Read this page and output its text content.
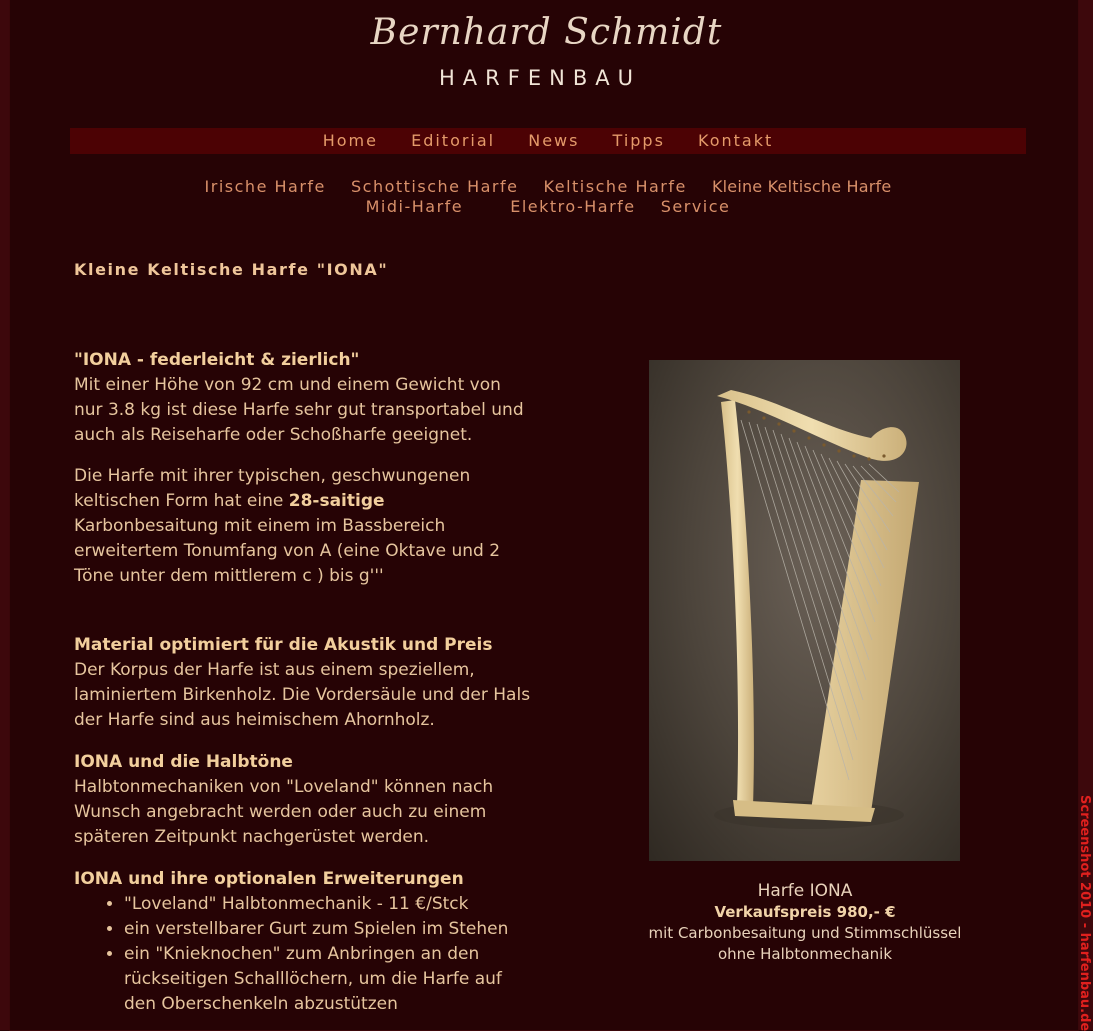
Bernhard Schmidt
HARFENBAU
Home Editorial News Tipps Kontakt
Irische Harfe Schottische Harfe Keltische Harfe Kleine Keltische Harfe
Midi-Harfe	Elektro-Harfe Service
Kleine Keltische Harfe "IONA"

"IONA - federleicht & zierlich"

Mit einer Höhe von 92 cm und einem Gewicht von nur 3.8 kg ist diese Harfe sehr gut transportabel und auch als Reiseharfe oder Schoßharfe geeignet.

Die Harfe mit ihrer typischen, geschwungenen keltischen Form hat eine 28-saitige Karbonbesaitung mit einem im Bassbereich erweitertem Tonumfang von A (eine Oktave und 2 Töne unter dem mittlerem c ) bis g'''

Material optimiert für die Akustik und Preis

Der Korpus der Harfe ist aus einem speziellem, laminiertem Birkenholz. Die Vordersäule und der Hals der Harfe sind aus heimischem Ahornholz.

IONA und die Halbtöne

Halbtonmechaniken von "Loveland" können nach Wunsch angebracht werden oder auch zu einem späteren Zeitpunkt nachgerüstet werden.

IONA und ihre optionalen Erweiterungen

• "Loveland" Halbtonmechanik - 11 €/Stck
• ein verstellbarer Gurt zum Spielen im Stehen
• ein "Knieknochen" zum Anbringen an den rückseitigen Schalllöchern, um die Harfe auf den Oberschenkeln abzustützen
Harfe IONA
Verkaufspreis 980,- €
mit Carbonbesaitung und Stimmschlüssel
ohne Halbtonmechanik	Screenshot 2010 - harfenbau.de
